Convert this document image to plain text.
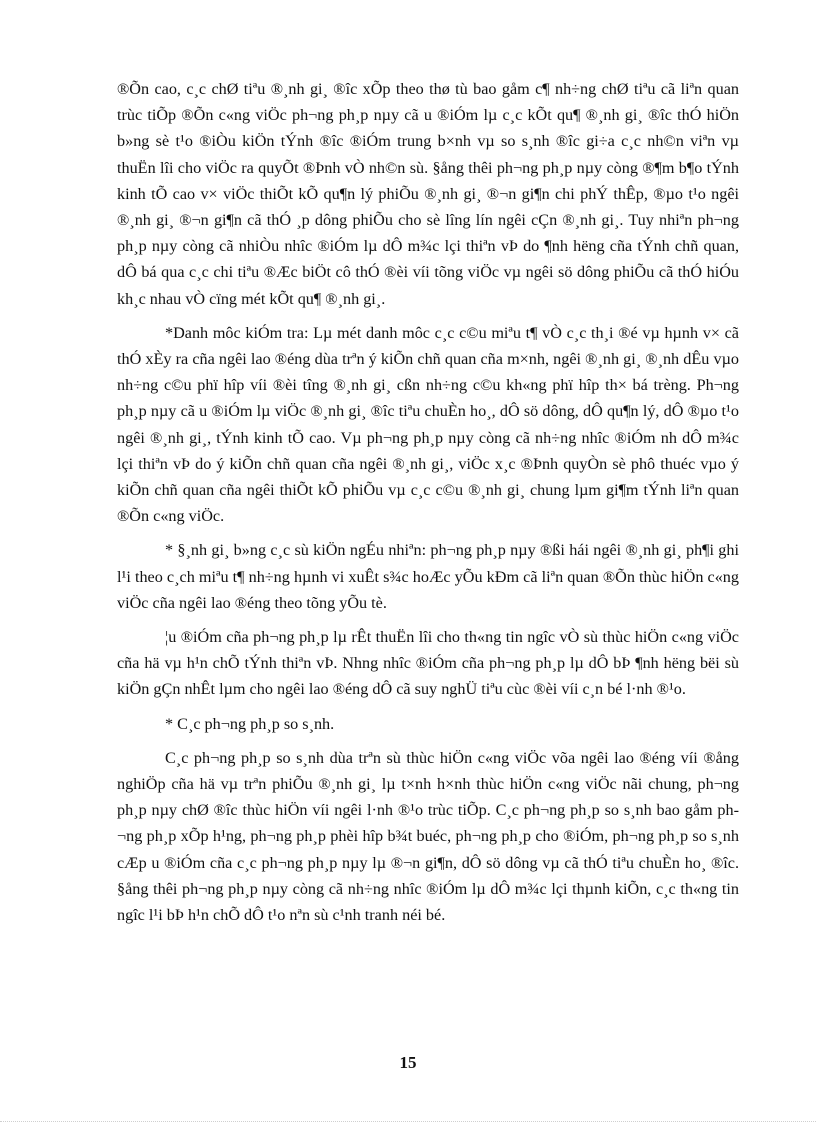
®Õn cao, c¸c chØ tiªu ®¸nh gi¸ ®îc xÕp theo thø tù bao gåm c¶ nh÷ng chØ tiªu cã liªn quan trùc tiÕp ®Õn c«ng viÖc ph¬ng ph¸p nµy cã u ®iÓm lµ c¸c kÕt qu¶ ®¸nh gi¸ ®îc thÓ hiÖn b»ng sè t¹o ®iÒu kiÖn tÝnh ®îc ®iÓm trung b×nh vµ so s¸nh ®îc gi÷a c¸c nh©n viªn vµ thuËn lîi cho viÖc ra quyÕt ®Þnh vÒ nh©n sù. §ång thêi ph¬ng ph¸p nµy còng ®¶m b¶o tÝnh kinh tÕ cao v× viÖc thiÕt kÕ qu¶n lý phiÕu ®¸nh gi¸ ®¬n gi¶n chi phÝ thÊp, ®µo t¹o ngêi ®¸nh gi¸ ®¬n gi¶n cã thÓ ¸p dông phiÕu cho sè lîng lín ngêi cÇn ®¸nh gi¸. Tuy nhiªn ph¬ng ph¸p nµy còng cã nhiÒu nhîc ®iÓm lµ dÔ m¾c lçi thiªn vÞ do ¶nh hëng cña tÝnh chñ quan, dÔ bá qua c¸c chi tiªu ®Æc biÖt cô thÓ ®èi víi tõng viÖc vµ ngêi sö dông phiÕu cã thÓ hiÓu kh¸c nhau vÒ cïng mét kÕt qu¶ ®¸nh gi¸.

*Danh môc kiÓm tra: Lµ mét danh môc c¸c c©u miªu t¶ vÒ c¸c th¸i ®é vµ hµnh v× cã thÓ xÈy ra cña ngêi lao ®éng dùa trªn ý kiÕn chñ quan cña m×nh, ngêi ®¸nh gi¸ ®¸nh dÊu vµo nh÷ng c©u phï hîp víi ®èi tîng ®¸nh gi¸ cßn nh÷ng c©u kh«ng phï hîp th× bá trèng. Ph¬ng ph¸p nµy cã u ®iÓm lµ viÖc ®¸nh gi¸ ®îc tiªu chuÈn ho¸, dÔ sö dông, dÔ qu¶n lý, dÔ ®µo t¹o ngêi ®¸nh gi¸, tÝnh kinh tÕ cao. Vµ ph¬ng ph¸p nµy còng cã nh÷ng nhîc ®iÓm nh dÔ m¾c lçi thiªn vÞ do ý kiÕn chñ quan cña ngêi ®¸nh gi¸, viÖc x¸c ®Þnh quyÒn sè phô thuéc vµo ý kiÕn chñ quan cña ngêi thiÕt kÕ phiÕu vµ c¸c c©u ®¸nh gi¸ chung lµm gi¶m tÝnh liªn quan ®Õn c«ng viÖc.

* §¸nh gi¸ b»ng c¸c sù kiÖn ngÉu nhiªn: ph¬ng ph¸p nµy ®ßi hái ngêi ®¸nh gi¸ ph¶i ghi l¹i theo c¸ch miªu t¶ nh÷ng hµnh vi xuÊt s¾c hoÆc yÕu kÐm cã liªn quan ®Õn thùc hiÖn c«ng viÖc cña ngêi lao ®éng theo tõng yÕu tè.

¦u ®iÓm cña ph¬ng ph¸p lµ rÊt thuËn lîi cho th«ng tin ngîc vÒ sù thùc hiÖn c«ng viÖc cña hä vµ h¹n chÕ tÝnh thiªn vÞ. Nhng nhîc ®iÓm cña ph¬ng ph¸p lµ dÔ bÞ ¶nh hëng bëi sù kiÖn gÇn nhÊt lµm cho ngêi lao ®éng dÔ cã suy nghÜ tiªu cùc ®èi víi c¸n bé l·nh ®¹o.

* C¸c ph¬ng ph¸p so s¸nh.

C¸c ph¬ng ph¸p so s¸nh dùa trªn sù thùc hiÖn c«ng viÖc võa ngêi lao ®éng víi ®ång nghiÖp cña hä vµ trªn phiÕu ®¸nh gi¸ lµ t×nh h×nh thùc hiÖn c«ng viÖc nãi chung, ph¬ng ph¸p nµy chØ ®îc thùc hiÖn víi ngêi l·nh ®¹o trùc tiÕp. C¸c ph¬ng ph¸p so s¸nh bao gåm ph¬ng ph¸p xÕp h¹ng, ph¬ng ph¸p phèi hîp b¾t buéc, ph¬ng ph¸p cho ®iÓm, ph¬ng ph¸p so s¸nh cÆp u ®iÓm cña c¸c ph¬ng ph¸p nµy lµ ®¬n gi¶n, dÔ sö dông vµ cã thÓ tiªu chuÈn ho¸ ®îc. §ång thêi ph¬ng ph¸p nµy còng cã nh÷ng nhîc ®iÓm lµ dÔ m¾c lçi thµnh kiÕn, c¸c th«ng tin ngîc l¹i bÞ h¹n chÕ dÔ t¹o nªn sù c¹nh tranh néi bé.

15
